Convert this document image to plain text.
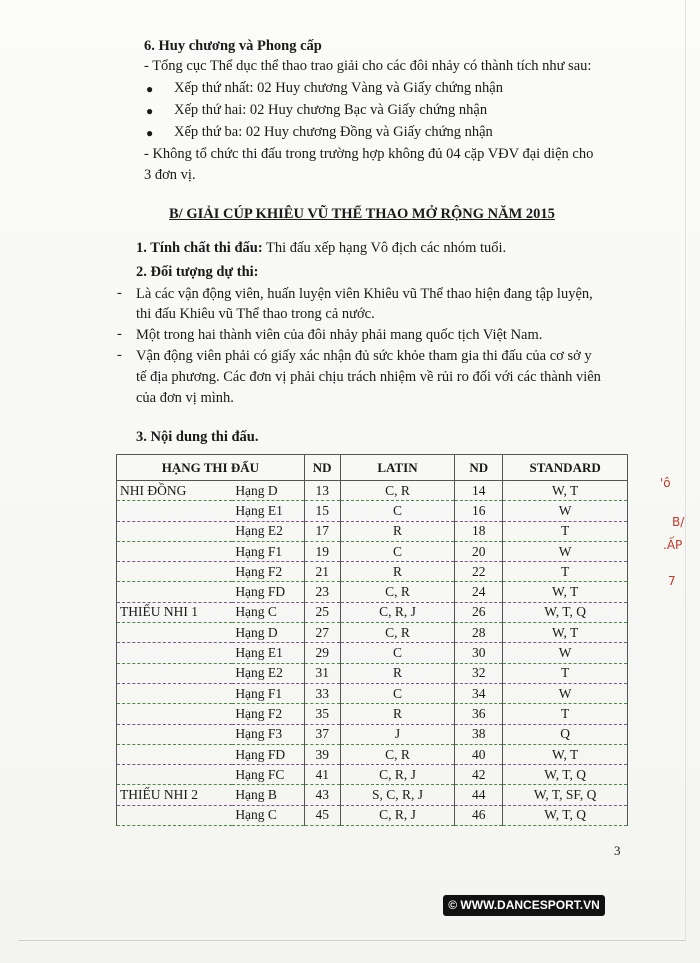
6. Huy chương và Phong cấp
- Tổng cục Thể dục thể thao trao giải cho các đôi nhảy có thành tích như sau:
● Xếp thứ nhất: 02 Huy chương Vàng và Giấy chứng nhận
● Xếp thứ hai: 02 Huy chương Bạc và Giấy chứng nhận
● Xếp thứ ba: 02 Huy chương Đồng và Giấy chứng nhận
- Không tổ chức thi đấu trong trường hợp không đủ 04 cặp VĐV đại diện cho
3 đơn vị.
B/ GIẢI CÚP KHIÊU VŨ THỂ THAO MỞ RỘNG NĂM 2015
1. Tính chất thi đấu: Thi đấu xếp hạng Vô địch các nhóm tuổi.
2. Đối tượng dự thi:
- Là các vận động viên, huấn luyện viên Khiêu vũ Thể thao hiện đang tập luyện,
thi đấu Khiêu vũ Thể thao trong cả nước.
- Một trong hai thành viên của đôi nhảy phải mang quốc tịch Việt Nam.
- Vận động viên phải có giấy xác nhận đủ sức khỏe tham gia thi đấu của cơ sở y
tế địa phương. Các đơn vị phải chịu trách nhiệm về rủi ro đối với các thành viên
của đơn vị mình.
3. Nội dung thi đấu.
HẠNG THI ĐẤU		ND	LATIN	ND	STANDARD
NHI ĐỒNG	Hạng D	13	C, R	14	W, T
	Hạng E1	15	C	16	W
	Hạng E2	17	R	18	T
	Hạng F1	19	C	20	W
	Hạng F2	21	R	22	T
	Hạng FD	23	C, R	24	W, T
THIẾU NHI 1	Hạng C	25	C, R, J	26	W, T, Q
	Hạng D	27	C, R	28	W, T
	Hạng E1	29	C	30	W
	Hạng E2	31	R	32	T
	Hạng F1	33	C	34	W
	Hạng F2	35	R	36	T
	Hạng F3	37	J	38	Q
	Hạng FD	39	C, R	40	W, T
	Hạng FC	41	C, R, J	42	W, T, Q
THIẾU NHI 2	Hạng B	43	S, C, R, J	44	W, T, SF, Q
	Hạng C	45	C, R, J	46	W, T, Q
'ô
B/
.ẤP
7
3
© WWW.DANCESPORT.VN
